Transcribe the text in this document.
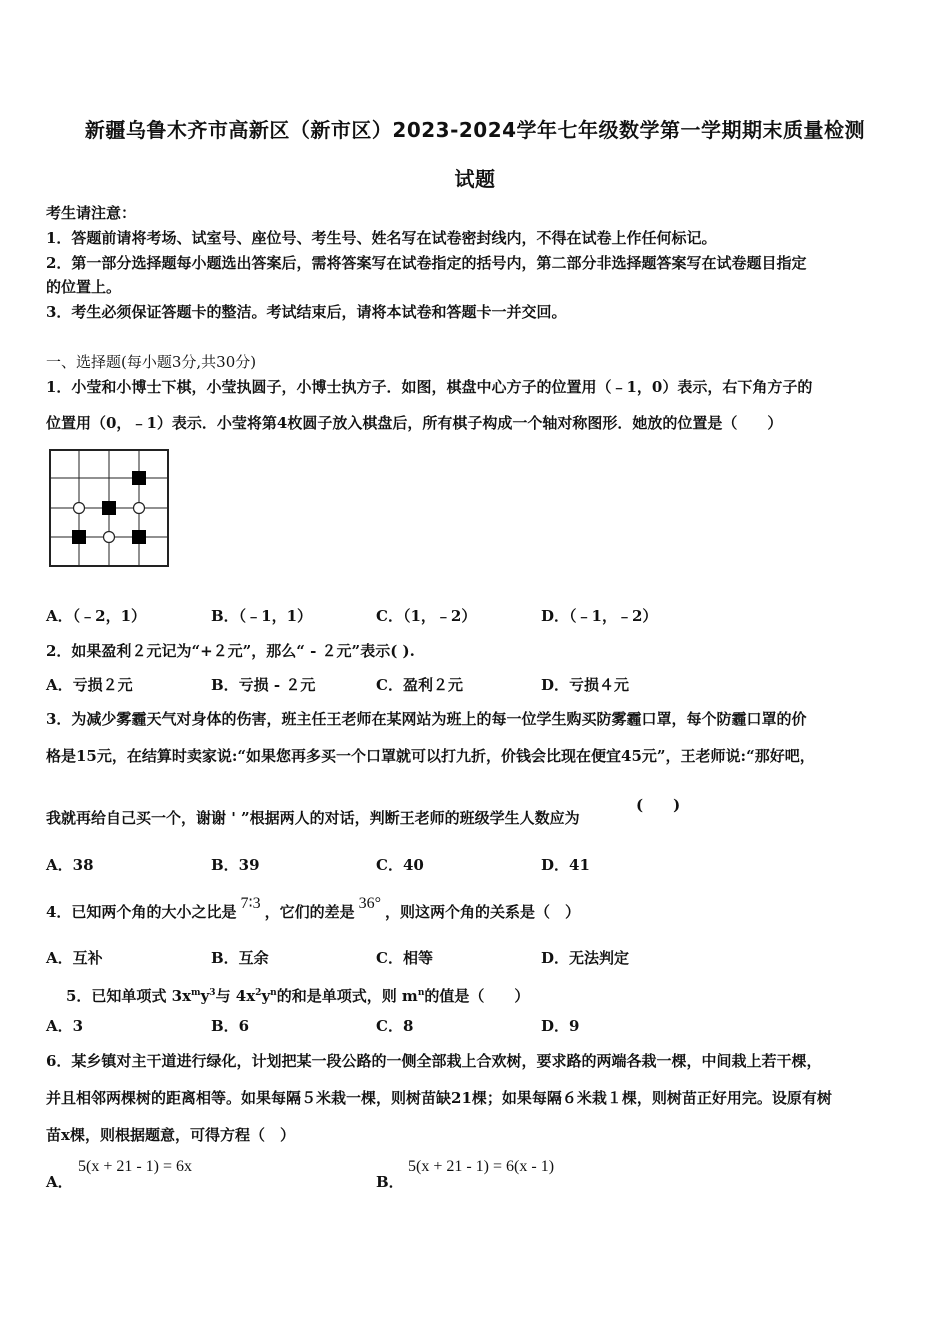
新疆乌鲁木齐市高新区（新市区）2023-2024学年七年级数学第一学期期末质量检测
试题
考生请注意：
1．答题前请将考场、试室号、座位号、考生号、姓名写在试卷密封线内，不得在试卷上作任何标记。
2．第一部分选择题每小题选出答案后，需将答案写在试卷指定的括号内，第二部分非选择题答案写在试卷题目指定
的位置上。
3．考生必须保证答题卡的整洁。考试结束后，请将本试卷和答题卡一并交回。
一、选择题(每小题3分,共30分)
1．小莹和小博士下棋，小莹执圆子，小博士执方子．如图，棋盘中心方子的位置用（﹣1，0）表示，右下角方子的
位置用（0，﹣1）表示．小莹将第4枚圆子放入棋盘后，所有棋子构成一个轴对称图形．她放的位置是（　　）
A．（﹣2，1）	B．（﹣1，1）	C．（1，﹣2）	D．（﹣1，﹣2）
2．如果盈利２元记为“+２元”，那么“ - ２元”表示( ).
A．亏损２元	B．亏损 - ２元	C．盈利２元	D．亏损４元
3．为减少雾霾天气对身体的伤害，班主任王老师在某网站为班上的每一位学生购买防雾霾口罩，每个防霾口罩的价
格是15元，在结算时卖家说:“如果您再多买一个口罩就可以打九折，价钱会比现在便宜45元”，王老师说:“那好吧，
我就再给自己买一个，谢谢 ' ”根据两人的对话，判断王老师的班级学生人数应为
(　　)
A．38	B．39	C．40	D．41
4．已知两个角的大小之比是 7∶3 ，它们的差是 36° ，则这两个角的关系是（　）
A．互补	B．互余	C．相等	D．无法判定
5．已知单项式 $3x^my^3$与 $4x^2y^n$的和是单项式，则 $m^n$的值是（　　）
A．3	B．6	C．8	D．9
6．某乡镇对主干道进行绿化，计划把某一段公路的一侧全部栽上合欢树，要求路的两端各栽一棵，中间栽上若干棵，
并且相邻两棵树的距离相等。如果每隔５米栽一棵，则树苗缺21棵；如果每隔６米栽１棵，则树苗正好用完。设原有树
苗x棵，则根据题意，可得方程（　）
A．
5(x + 21 - 1) = 6x
B．
5(x + 21 - 1) = 6(x - 1)
